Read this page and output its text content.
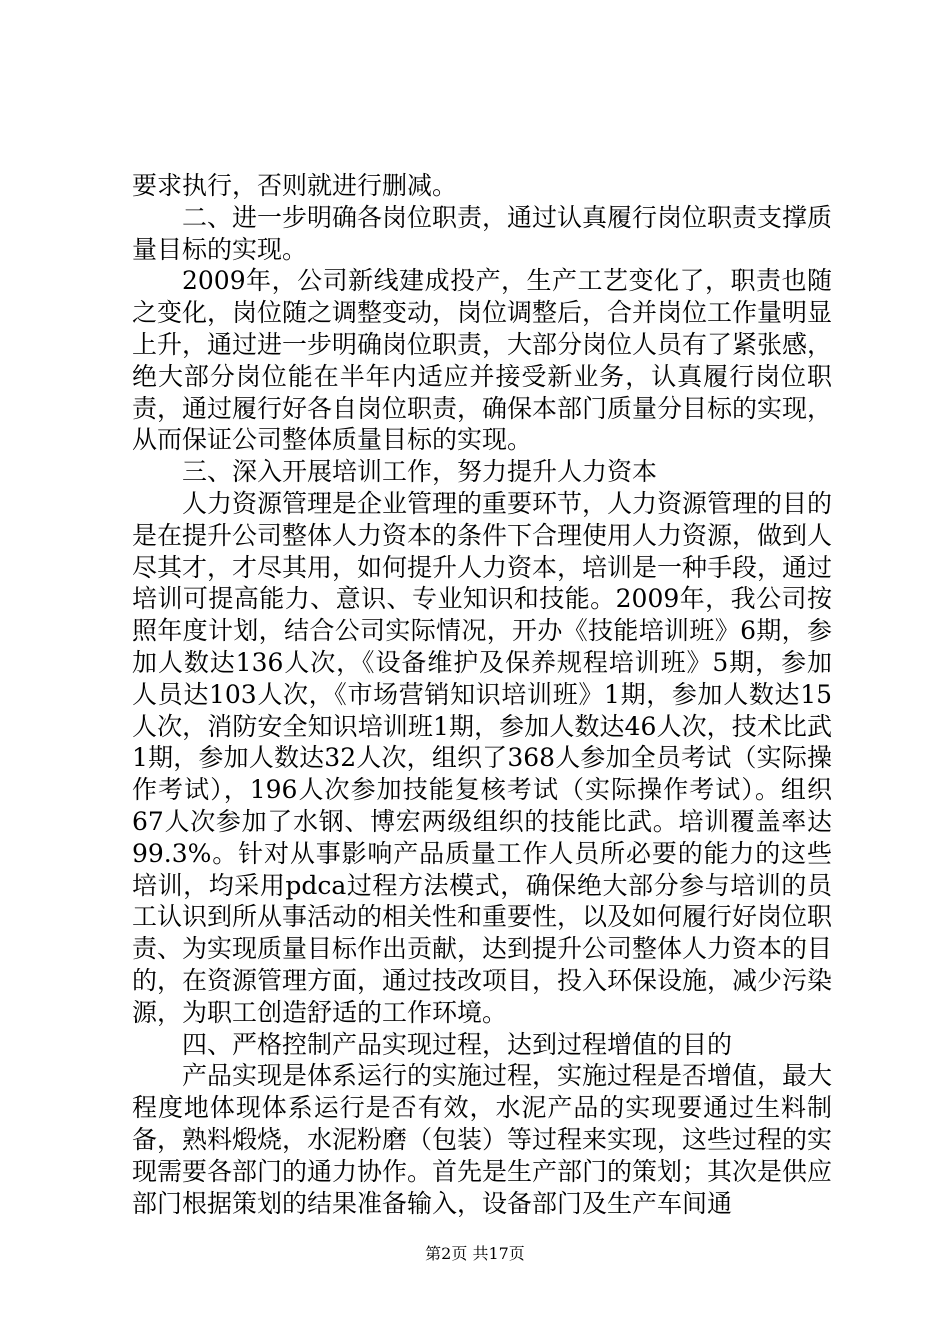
要求执行，否则就进行删减。

二、进一步明确各岗位职责，通过认真履行岗位职责支撑质量目标的实现。

2009年，公司新线建成投产，生产工艺变化了，职责也随之变化，岗位随之调整变动，岗位调整后，合并岗位工作量明显上升，通过进一步明确岗位职责，大部分岗位人员有了紧张感，绝大部分岗位能在半年内适应并接受新业务，认真履行岗位职责，通过履行好各自岗位职责，确保本部门质量分目标的实现，从而保证公司整体质量目标的实现。

三、深入开展培训工作，努力提升人力资本

人力资源管理是企业管理的重要环节，人力资源管理的目的是在提升公司整体人力资本的条件下合理使用人力资源，做到人尽其才，才尽其用，如何提升人力资本，培训是一种手段，通过培训可提高能力、意识、专业知识和技能。2009年，我公司按照年度计划，结合公司实际情况，开办《技能培训班》6期，参加人数达136人次，《设备维护及保养规程培训班》5期，参加人员达103人次，《市场营销知识培训班》1期，参加人数达15人次，消防安全知识培训班1期，参加人数达46人次，技术比武1期，参加人数达32人次，组织了368人参加全员考试（实际操作考试），196人次参加技能复核考试（实际操作考试）。组织67人次参加了水钢、博宏两级组织的技能比武。培训覆盖率达99.3%。针对从事影响产品质量工作人员所必要的能力的这些培训，均采用pdca过程方法模式，确保绝大部分参与培训的员工认识到所从事活动的相关性和重要性，以及如何履行好岗位职责、为实现质量目标作出贡献，达到提升公司整体人力资本的目的，在资源管理方面，通过技改项目，投入环保设施，减少污染源，为职工创造舒适的工作环境。

四、严格控制产品实现过程，达到过程增值的目的

产品实现是体系运行的实施过程，实施过程是否增值，最大程度地体现体系运行是否有效，水泥产品的实现要通过生料制备，熟料煅烧，水泥粉磨（包装）等过程来实现，这些过程的实现需要各部门的通力协作。首先是生产部门的策划；其次是供应部门根据策划的结果准备输入，设备部门及生产车间通

第2页 共17页
